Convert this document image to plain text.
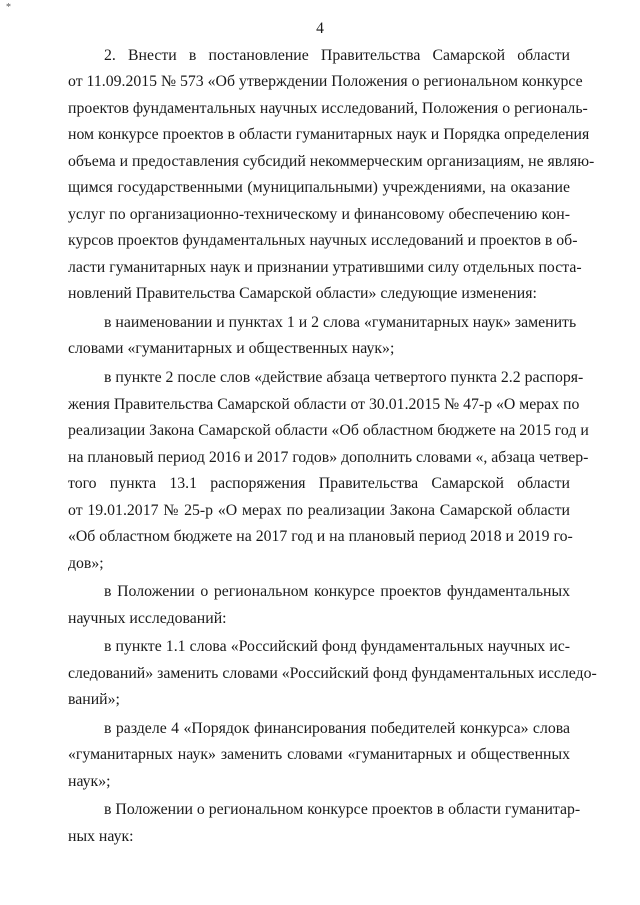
*
4
2. Внести в постановление Правительства Самарской области
от 11.09.2015 № 573 «Об утверждении Положения о региональном конкурсе
проектов фундаментальных научных исследований, Положения о региональ-
ном конкурсе проектов в области гуманитарных наук и Порядка определения
объема и предоставления субсидий некоммерческим организациям, не являю-
щимся государственными (муниципальными) учреждениями, на оказание
услуг по организационно-техническому и финансовому обеспечению кон-
курсов проектов фундаментальных научных исследований и проектов в об-
ласти гуманитарных наук и признании утратившими силу отдельных поста-
новлений Правительства Самарской области» следующие изменения:
в наименовании и пунктах 1 и 2 слова «гуманитарных наук» заменить
словами «гуманитарных и общественных наук»;
в пункте 2 после слов «действие абзаца четвертого пункта 2.2 распоря-
жения Правительства Самарской области от 30.01.2015 № 47-р «О мерах по
реализации Закона Самарской области «Об областном бюджете на 2015 год и
на плановый период 2016 и 2017 годов» дополнить словами «, абзаца четвер-
того пункта 13.1 распоряжения Правительства Самарской области
от 19.01.2017 № 25-р «О мерах по реализации Закона Самарской области
«Об областном бюджете на 2017 год и на плановый период 2018 и 2019 го-
дов»;
в Положении о региональном конкурсе проектов фундаментальных
научных исследований:
в пункте 1.1 слова «Российский фонд фундаментальных научных ис-
следований» заменить словами «Российский фонд фундаментальных исследо-
ваний»;
в разделе 4 «Порядок финансирования победителей конкурса» слова
«гуманитарных наук» заменить словами «гуманитарных и общественных
наук»;
в Положении о региональном конкурсе проектов в области гуманитар-
ных наук:
